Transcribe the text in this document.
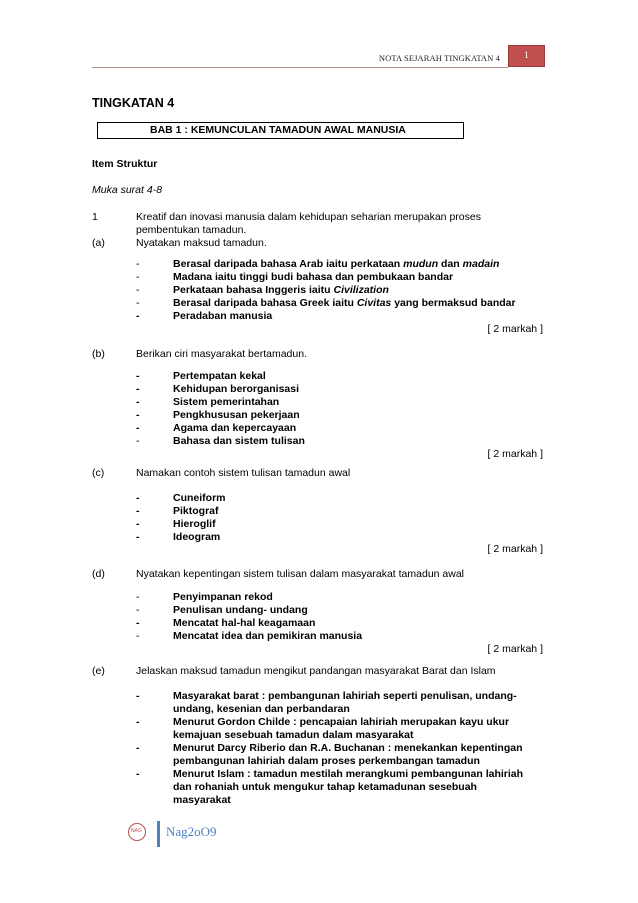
NOTA SEJARAH TINGKATAN 4	1
TINGKATAN 4
BAB 1 : KEMUNCULAN TAMADUN AWAL MANUSIA
Item Struktur
Muka surat 4-8
1	Kreatif dan inovasi manusia dalam kehidupan seharian merupakan proses
pembentukan tamadun.
(a)	Nyatakan maksud tamadun.
-	Berasal daripada bahasa Arab iaitu perkataan mudun dan madain
-	Madana iaitu tinggi budi bahasa dan pembukaan bandar
-	Perkataan bahasa Inggeris iaitu Civilization
-	Berasal daripada bahasa Greek iaitu Civitas yang bermaksud bandar
-	Peradaban manusia
[ 2 markah ]
(b)	Berikan ciri masyarakat bertamadun.
-	Pertempatan kekal
-	Kehidupan berorganisasi
-	Sistem pemerintahan
-	Pengkhususan pekerjaan
-	Agama dan kepercayaan
-	Bahasa dan sistem tulisan
[ 2 markah ]
(c)	Namakan contoh sistem tulisan tamadun awal
-	Cuneiform
-	Piktograf
-	Hieroglif
-	Ideogram
[ 2 markah ]
(d)	Nyatakan kepentingan sistem tulisan dalam masyarakat tamadun awal
-	Penyimpanan rekod
-	Penulisan undang- undang
-	Mencatat hal-hal keagamaan
-	Mencatat idea dan pemikiran manusia
[ 2 markah ]
(e)	Jelaskan maksud tamadun mengikut pandangan masyarakat Barat dan Islam
-	Masyarakat barat : pembangunan lahiriah seperti penulisan, undang-
undang, kesenian dan perbandaran
-	Menurut Gordon Childe : pencapaian lahiriah merupakan kayu ukur
kemajuan sesebuah tamadun dalam masyarakat
-	Menurut Darcy Riberio dan R.A. Buchanan : menekankan kepentingan
pembangunan lahiriah dalam proses perkembangan tamadun
-	Menurut Islam : tamadun mestilah merangkumi pembangunan lahiriah
dan rohaniah untuk mengukur tahap ketamadunan sesebuah
masyarakat
NAG Nag2oO9
